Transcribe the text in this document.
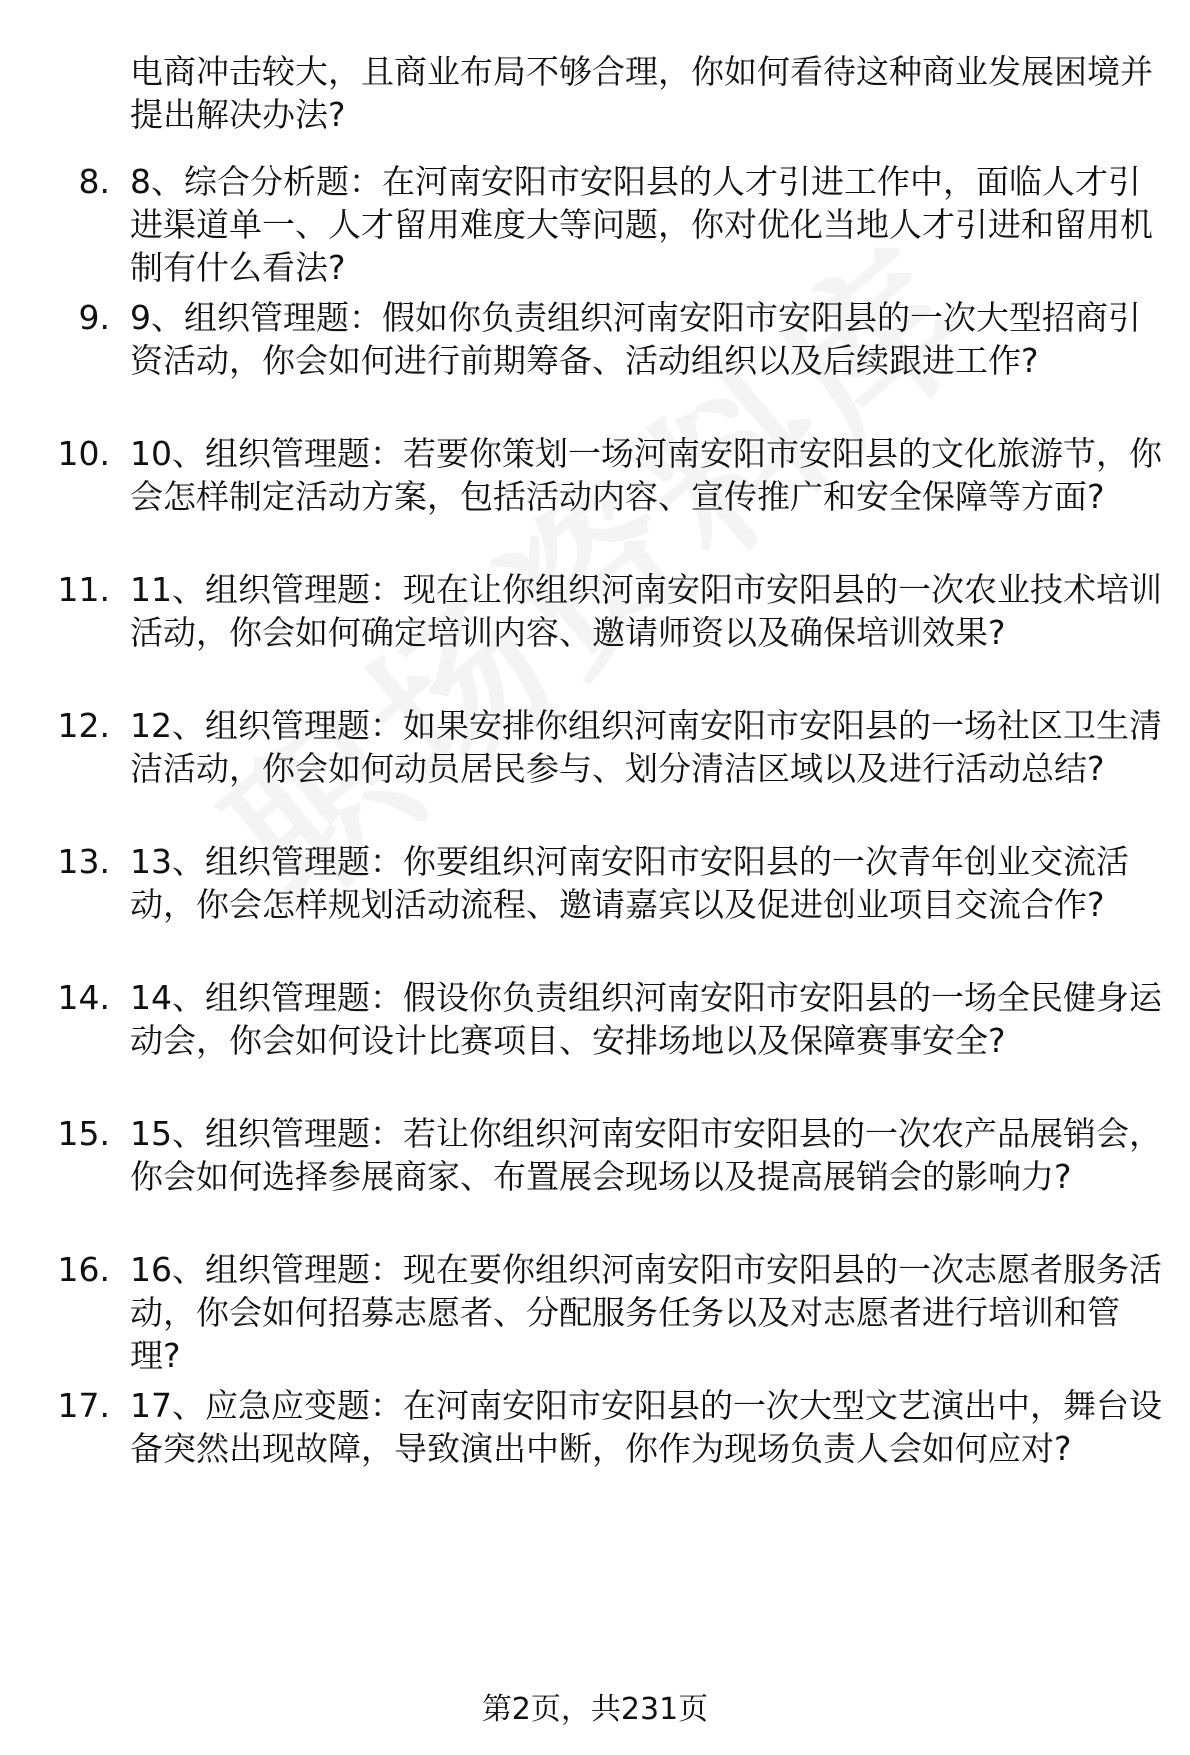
电商冲击较大，且商业布局不够合理，你如何看待这种商业发展困境并提出解决办法?

8. 8、综合分析题：在河南安阳市安阳县的人才引进工作中，面临人才引进渠道单一、人才留用难度大等问题，你对优化当地人才引进和留用机制有什么看法?

9. 9、组织管理题：假如你负责组织河南安阳市安阳县的一次大型招商引资活动，你会如何进行前期筹备、活动组织以及后续跟进工作?

10. 10、组织管理题：若要你策划一场河南安阳市安阳县的文化旅游节，你会怎样制定活动方案，包括活动内容、宣传推广和安全保障等方面?

11. 11、组织管理题：现在让你组织河南安阳市安阳县的一次农业技术培训活动，你会如何确定培训内容、邀请师资以及确保培训效果?

12. 12、组织管理题：如果安排你组织河南安阳市安阳县的一场社区卫生清洁活动，你会如何动员居民参与、划分清洁区域以及进行活动总结?

13. 13、组织管理题：你要组织河南安阳市安阳县的一次青年创业交流活动，你会怎样规划活动流程、邀请嘉宾以及促进创业项目交流合作?

14. 14、组织管理题：假设你负责组织河南安阳市安阳县的一场全民健身运动会，你会如何设计比赛项目、安排场地以及保障赛事安全?

15. 15、组织管理题：若让你组织河南安阳市安阳县的一次农产品展销会，你会如何选择参展商家、布置展会现场以及提高展销会的影响力?

16. 16、组织管理题：现在要你组织河南安阳市安阳县的一次志愿者服务活动，你会如何招募志愿者、分配服务任务以及对志愿者进行培训和管理?

17. 17、应急应变题：在河南安阳市安阳县的一次大型文艺演出中，舞台设备突然出现故障，导致演出中断，你作为现场负责人会如何应对?

第2页，共231页
